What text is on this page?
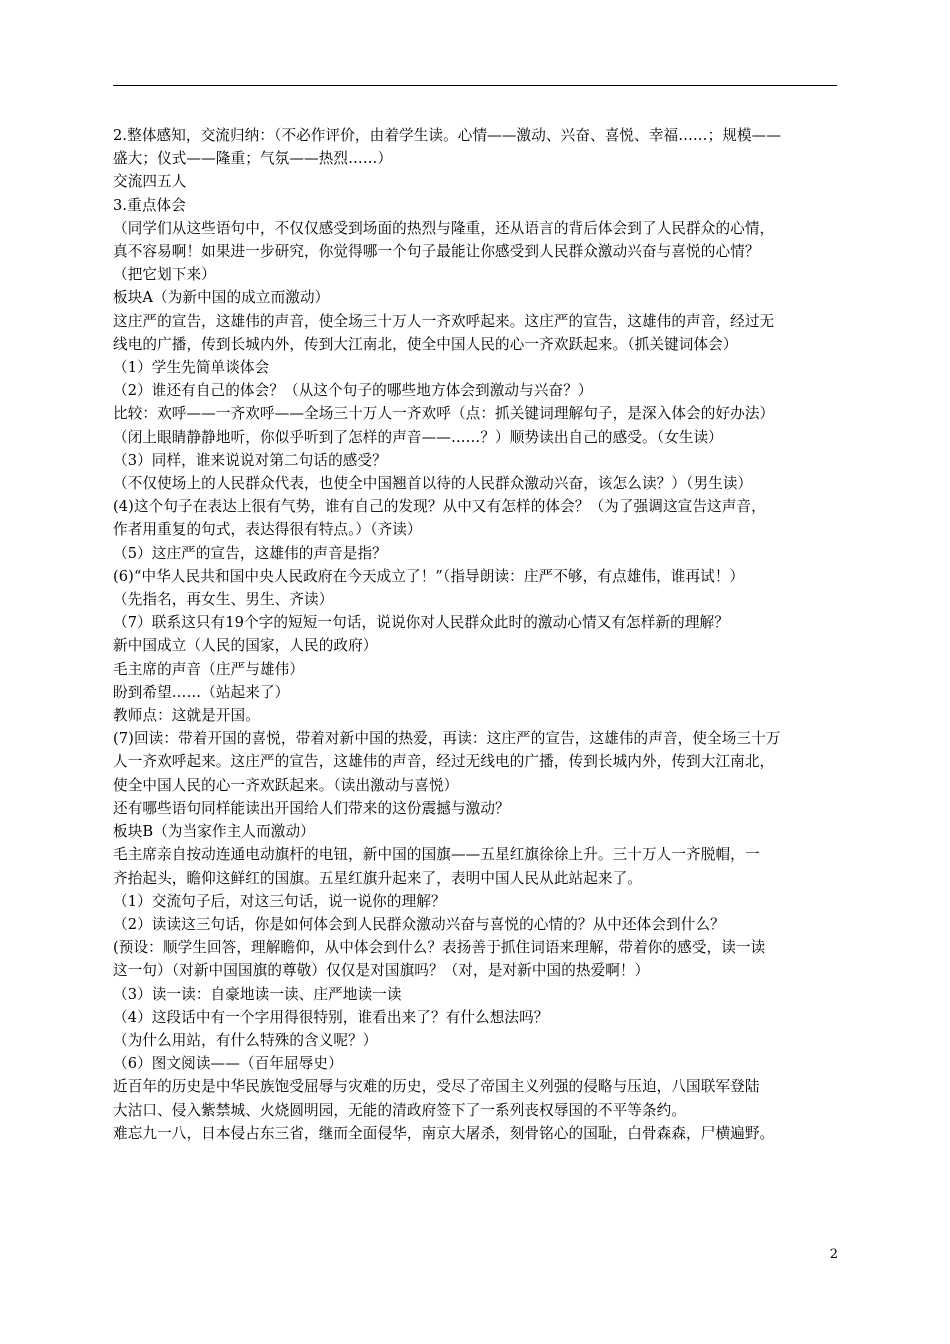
2.整体感知，交流归纳：（不必作评价，由着学生读。心情——激动、兴奋、喜悦、幸福……；规模——
盛大；仪式——隆重；气氛——热烈……）
交流四五人
3.重点体会
（同学们从这些语句中，不仅仅感受到场面的热烈与隆重，还从语言的背后体会到了人民群众的心情，
真不容易啊！如果进一步研究，你觉得哪一个句子最能让你感受到人民群众激动兴奋与喜悦的心情？
（把它划下来）
板块A（为新中国的成立而激动）
这庄严的宣告，这雄伟的声音，使全场三十万人一齐欢呼起来。这庄严的宣告，这雄伟的声音，经过无
线电的广播，传到长城内外，传到大江南北，使全中国人民的心一齐欢跃起来。（抓关键词体会）
（1）学生先简单谈体会
（2）谁还有自己的体会？（从这个句子的哪些地方体会到激动与兴奋？）
比较：欢呼——一齐欢呼——全场三十万人一齐欢呼（点：抓关键词理解句子，是深入体会的好办法）
（闭上眼睛静静地听，你似乎听到了怎样的声音——……？）顺势读出自己的感受。（女生读）
（3）同样，谁来说说对第二句话的感受？
（不仅使场上的人民群众代表，也使全中国翘首以待的人民群众激动兴奋，该怎么读？）（男生读）
(4)这个句子在表达上很有气势，谁有自己的发现？从中又有怎样的体会？（为了强调这宣告这声音，
作者用重复的句式，表达得很有特点。）（齐读）
（5）这庄严的宣告，这雄伟的声音是指？
(6)“中华人民共和国中央人民政府在今天成立了！”（指导朗读：庄严不够，有点雄伟，谁再试！）
（先指名，再女生、男生、齐读）
（7）联系这只有19个字的短短一句话，说说你对人民群众此时的激动心情又有怎样新的理解？
新中国成立（人民的国家，人民的政府）
毛主席的声音（庄严与雄伟）
盼到希望……（站起来了）
教师点：这就是开国。
(7)回读：带着开国的喜悦，带着对新中国的热爱，再读：这庄严的宣告，这雄伟的声音，使全场三十万
人一齐欢呼起来。这庄严的宣告，这雄伟的声音，经过无线电的广播，传到长城内外，传到大江南北，
使全中国人民的心一齐欢跃起来。（读出激动与喜悦）
还有哪些语句同样能读出开国给人们带来的这份震撼与激动？
板块B（为当家作主人而激动）
毛主席亲自按动连通电动旗杆的电钮，新中国的国旗——五星红旗徐徐上升。三十万人一齐脱帽，一
齐抬起头，瞻仰这鲜红的国旗。五星红旗升起来了，表明中国人民从此站起来了。
（1）交流句子后，对这三句话，说一说你的理解？
（2）读读这三句话，你是如何体会到人民群众激动兴奋与喜悦的心情的？从中还体会到什么？
(预设：顺学生回答，理解瞻仰，从中体会到什么？表扬善于抓住词语来理解，带着你的感受，读一读
这一句）（对新中国国旗的尊敬）仅仅是对国旗吗？（对，是对新中国的热爱啊！）
（3）读一读：自豪地读一读、庄严地读一读
（4）这段话中有一个字用得很特别，谁看出来了？有什么想法吗？
（为什么用站，有什么特殊的含义呢？）
（6）图文阅读——（百年屈辱史）
近百年的历史是中华民族饱受屈辱与灾难的历史，受尽了帝国主义列强的侵略与压迫，八国联军登陆
大沽口、侵入紫禁城、火烧圆明园，无能的清政府签下了一系列丧权辱国的不平等条约。
难忘九一八，日本侵占东三省，继而全面侵华，南京大屠杀，刻骨铭心的国耻，白骨森森，尸横遍野。
2
